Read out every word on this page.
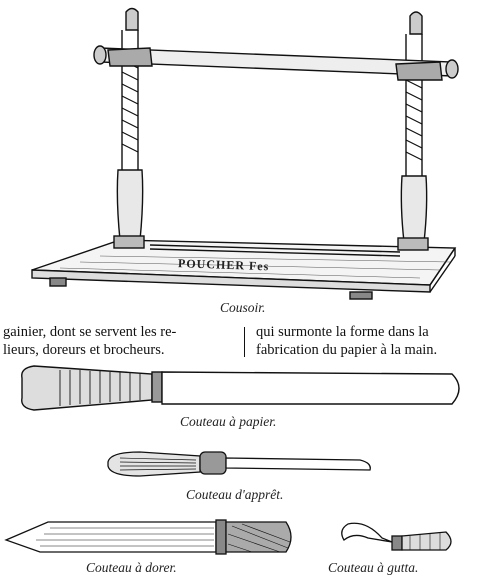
POUCHER Fes
Cousoir.
gainier, dont se servent les re-
lieurs, doreurs et brocheurs.
qui surmonte la forme dans la
fabrication du papier à la main.
Couteau à papier.
Couteau d'apprêt.
Couteau à dorer.	Couteau à gutta.
